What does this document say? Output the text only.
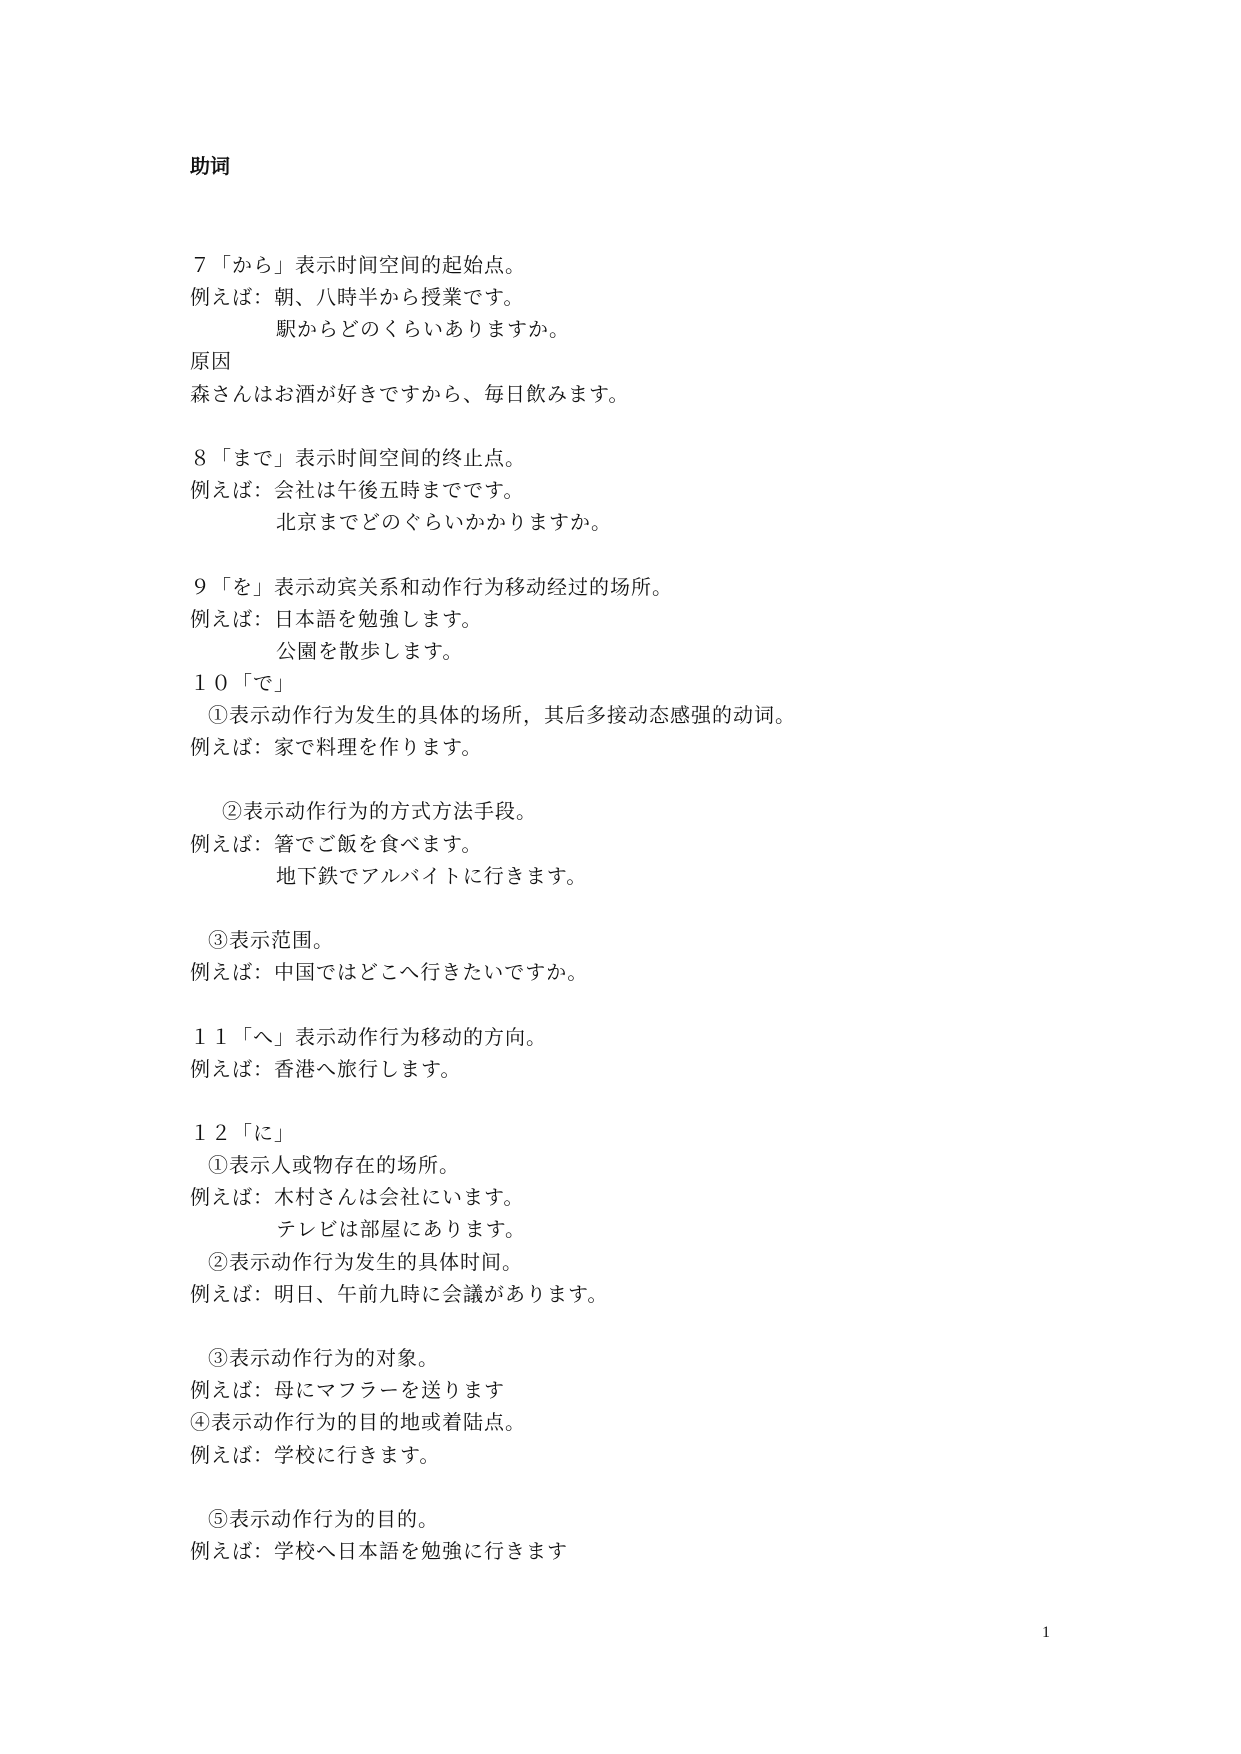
助词
７「から」表示时间空间的起始点。
例えば：朝、八時半から授業です。
駅からどのくらいありますか。
原因
森さんはお酒が好きですから、毎日飲みます。
８「まで」表示时间空间的终止点。
例えば：会社は午後五時までです。
北京までどのぐらいかかりますか。
９「を」表示动宾关系和动作行为移动经过的场所。
例えば：日本語を勉強します。
公園を散歩します。
１０「で」
①表示动作行为发生的具体的场所，其后多接动态感强的动词。
例えば：家で料理を作ります。
②表示动作行为的方式方法手段。
例えば：箸でご飯を食べます。
地下鉄でアルバイトに行きます。
③表示范围。
例えば：中国ではどこへ行きたいですか。
１１「へ」表示动作行为移动的方向。
例えば：香港へ旅行します。
１２「に」
①表示人或物存在的场所。
例えば：木村さんは会社にいます。
テレビは部屋にあります。
②表示动作行为发生的具体时间。
例えば：明日、午前九時に会議があります。
③表示动作行为的对象。
例えば：母にマフラーを送ります
④表示动作行为的目的地或着陆点。
例えば：学校に行きます。
⑤表示动作行为的目的。
例えば：学校へ日本語を勉強に行きます
1
